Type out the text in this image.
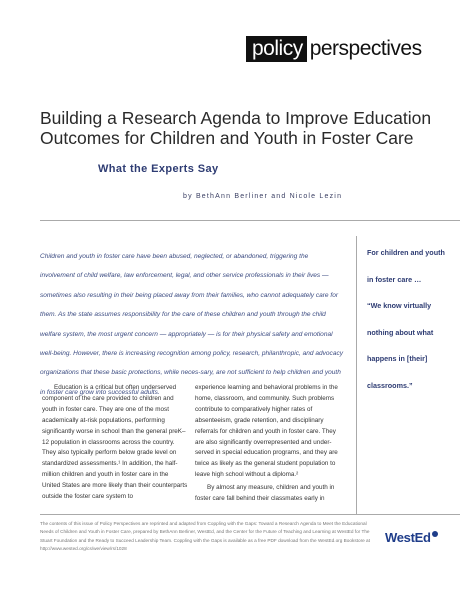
policy perspectives
Building a Research Agenda to Improve Education
Outcomes for Children and Youth in Foster Care
What the Experts Say
by BethAnn Berliner and Nicole Lezin

Children and youth in foster care have been abused, neglected, or abandoned, triggering the involvement of child welfare, law enforcement, legal, and other service professionals in their lives — sometimes also resulting in their being placed away from their families, who cannot adequately care for them. As the state assumes responsibility for the care of these children and youth through the child welfare system, the most urgent concern — appropriately — is for their physical safety and emotional well-being. However, there is increasing recognition among policy, research, philanthropic, and advocacy organizations that these basic protections, while neces-sary, are not sufficient to help children and youth in foster care grow into successful adults.

For children and youth
in foster care …
“We know virtually
nothing about what
happens in [their]
classrooms.”

Education is a critical but often underserved component of the care provided to children and youth in foster care. They are one of the most academically at-risk populations, performing significantly worse in school than the general preK–12 population in classrooms across the country. They also typically perform below grade level on standardized assessments.¹ In addition, the half-million children and youth in foster care in the United States are more likely than their counterparts outside the foster care system to

experience learning and behavioral problems in the home, classroom, and community. Such problems contribute to comparatively higher rates of absenteeism, grade retention, and disciplinary referrals for children and youth in foster care. They are also significantly overrepresented and under-served in special education programs, and they are twice as likely as the general student population to leave high school without a diploma.²

By almost any measure, children and youth in foster care fall behind their classmates early in

The contents of this issue of Policy Perspectives are reprinted and adapted from Coppling with the Gaps: Toward a Research Agenda to Meet the Educational Needs of Children and Youth in Foster Care, prepared by BethAnn Berliner, WestEd, and the Center for the Future of Teaching and Learning at WestEd for The Stuart Foundation and the Ready to Succeed Leadership Team. Coppling with the Gaps is available as a free PDF download from the WestEd.org Bookstore at http://www.wested.org/cs/we/view/rs/1028

WestEd
